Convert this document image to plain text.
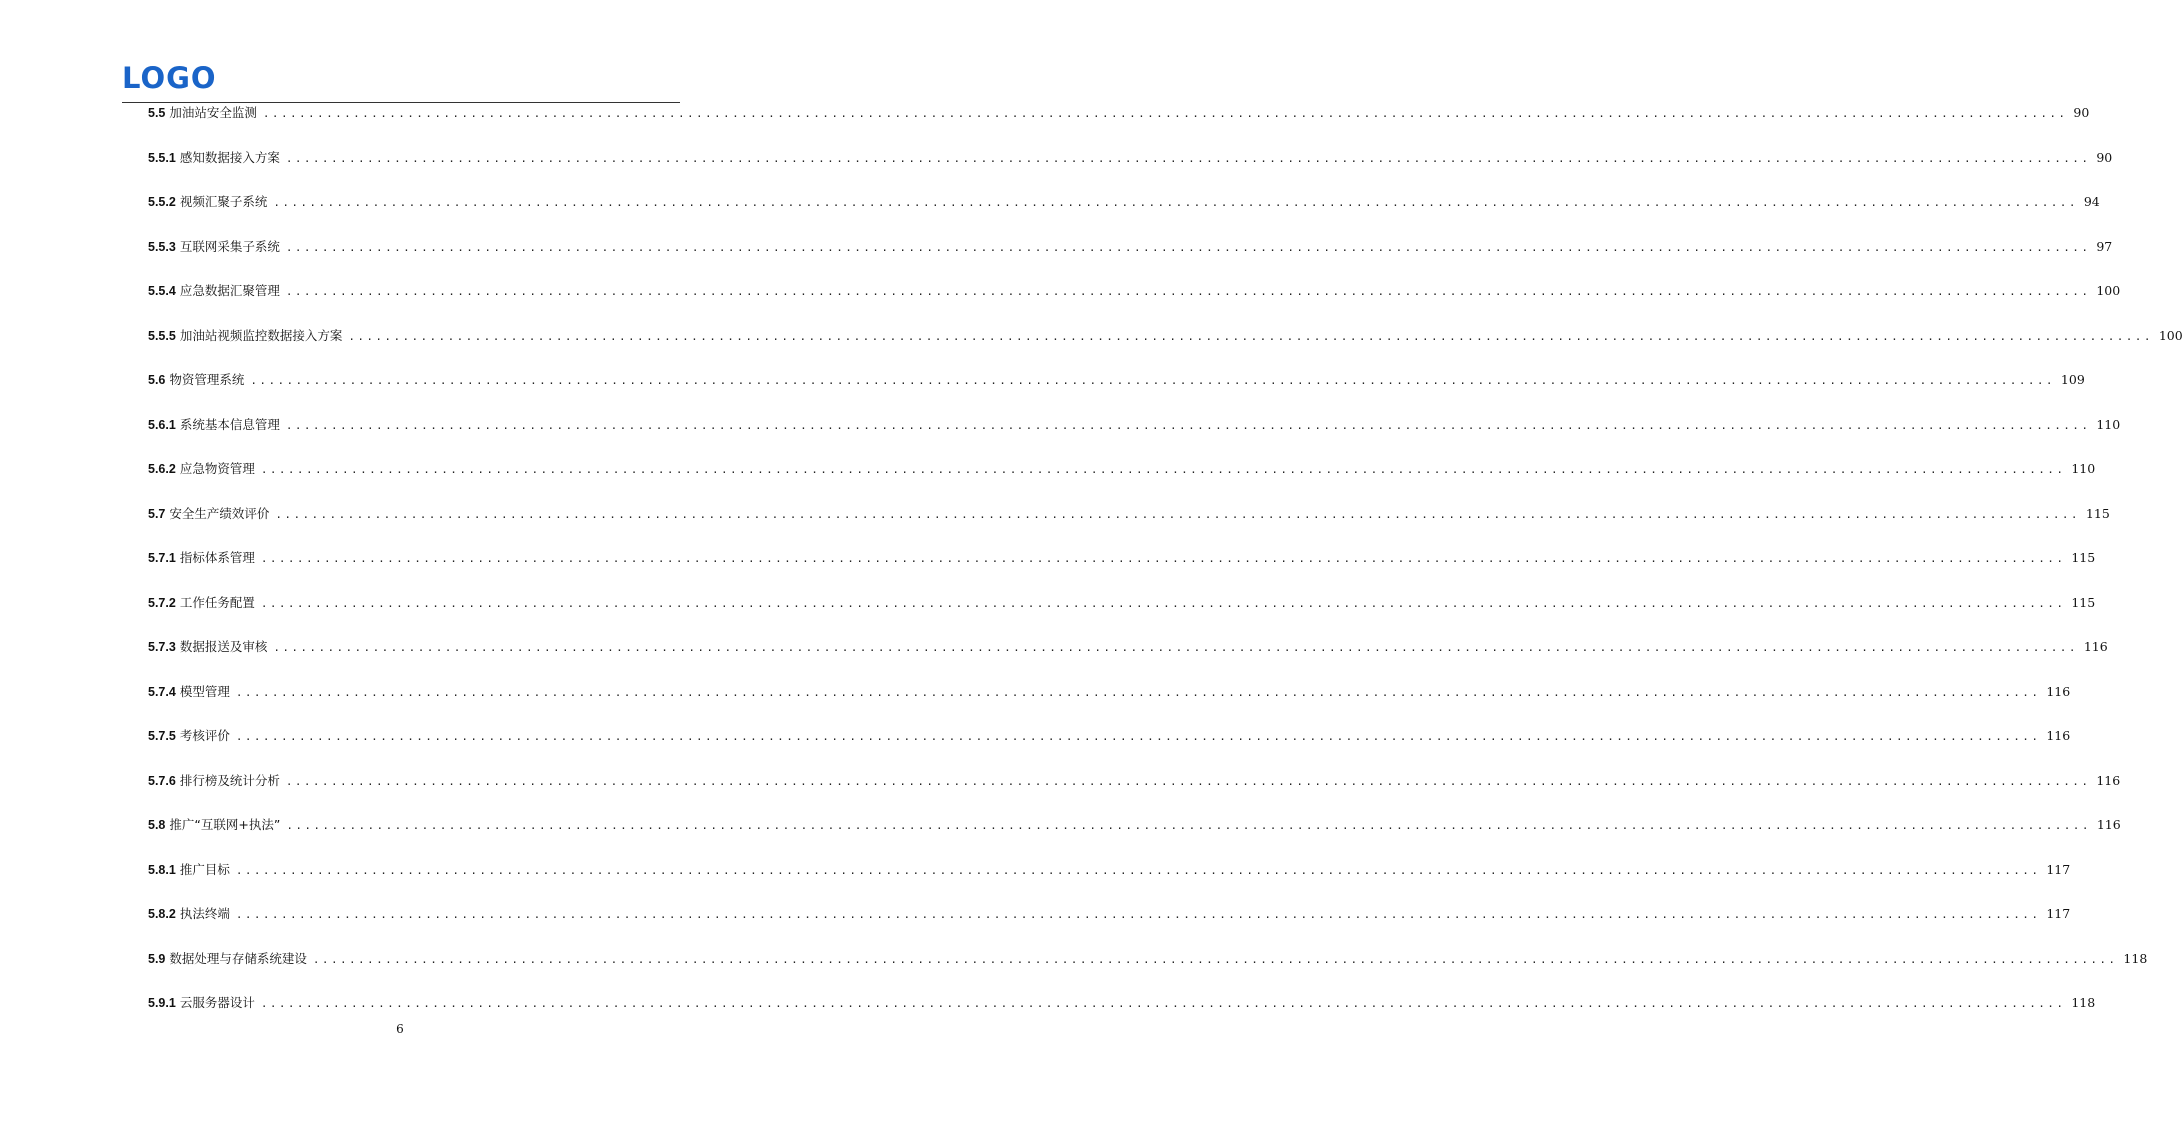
LOGO
5.5 加油站安全监测 ........................................................................................................................................................................................................ 90
5.5.1 感知数据接入方案 ........................................................................................................................................................................................................ 90
5.5.2 视频汇聚子系统 ........................................................................................................................................................................................................ 94
5.5.3 互联网采集子系统 ........................................................................................................................................................................................................ 97
5.5.4 应急数据汇聚管理 ........................................................................................................................................................................................................ 100
5.5.5 加油站视频监控数据接入方案 ........................................................................................................................................................................................................ 100
5.6 物资管理系统 ........................................................................................................................................................................................................ 109
5.6.1 系统基本信息管理 ........................................................................................................................................................................................................ 110
5.6.2 应急物资管理 ........................................................................................................................................................................................................ 110
5.7 安全生产绩效评价 ........................................................................................................................................................................................................ 115
5.7.1 指标体系管理 ........................................................................................................................................................................................................ 115
5.7.2 工作任务配置 ........................................................................................................................................................................................................ 115
5.7.3 数据报送及审核 ........................................................................................................................................................................................................ 116
5.7.4 模型管理 ........................................................................................................................................................................................................ 116
5.7.5 考核评价 ........................................................................................................................................................................................................ 116
5.7.6 排行榜及统计分析 ........................................................................................................................................................................................................ 116
5.8 推广“互联网+执法” ........................................................................................................................................................................................................ 116
5.8.1 推广目标 ........................................................................................................................................................................................................ 117
5.8.2 执法终端 ........................................................................................................................................................................................................ 117
5.9 数据处理与存储系统建设 ........................................................................................................................................................................................................ 118
5.9.1 云服务器设计 ........................................................................................................................................................................................................ 118
6
